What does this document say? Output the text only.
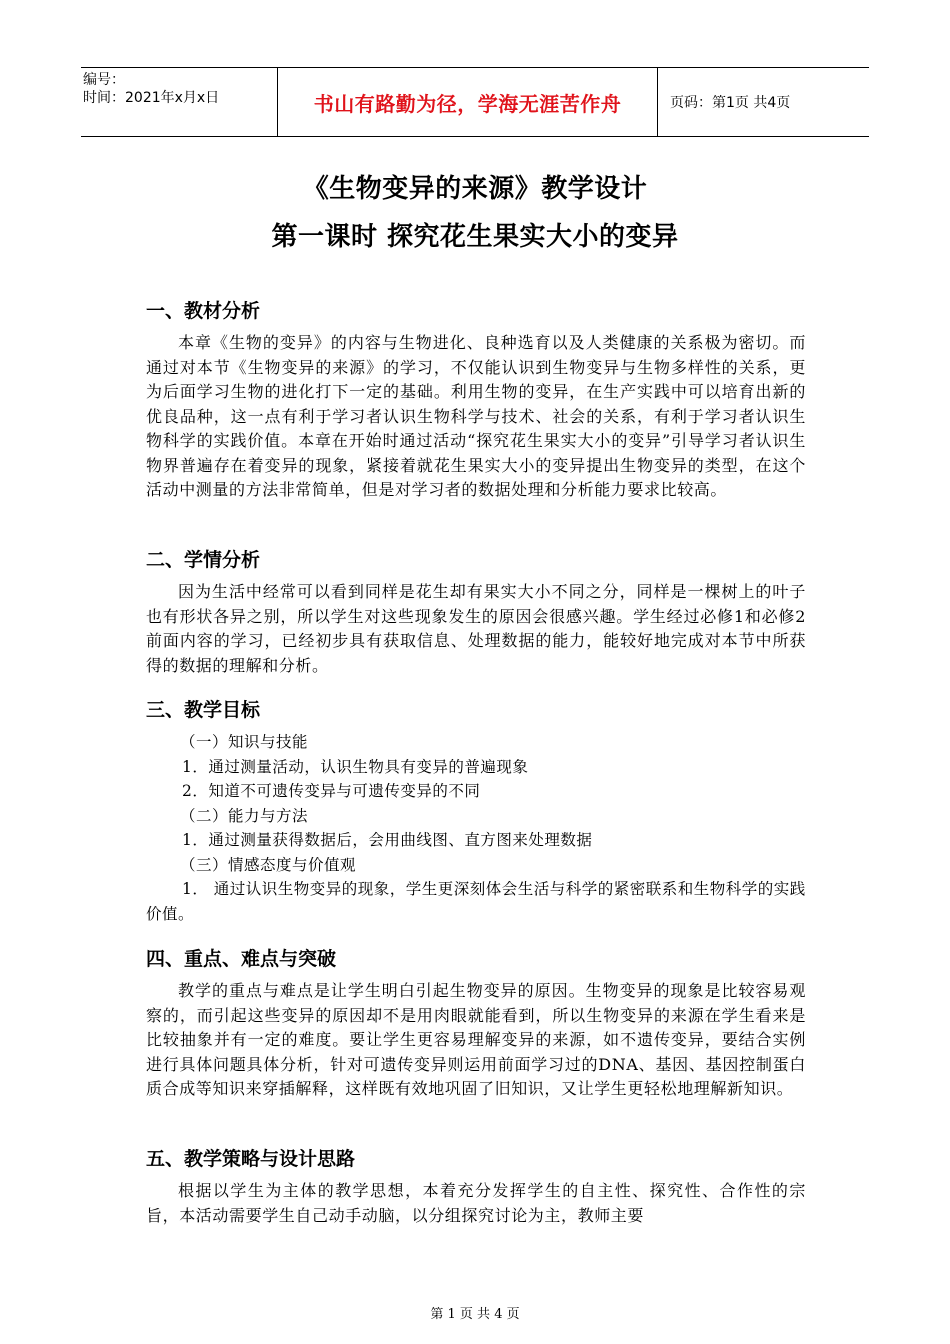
编号：
时间：2021年x月x日	书山有路勤为径，学海无涯苦作舟	页码：第1页 共4页
《生物变异的来源》教学设计
第一课时 探究花生果实大小的变异
一、教材分析

本章《生物的变异》的内容与生物进化、良种选育以及人类健康的关系极为密切。而通过对本节《生物变异的来源》的学习，不仅能认识到生物变异与生物多样性的关系，更为后面学习生物的进化打下一定的基础。利用生物的变异，在生产实践中可以培育出新的优良品种，这一点有利于学习者认识生物科学与技术、社会的关系，有利于学习者认识生物科学的实践价值。本章在开始时通过活动“探究花生果实大小的变异”引导学习者认识生物界普遍存在着变异的现象，紧接着就花生果实大小的变异提出生物变异的类型，在这个活动中测量的方法非常简单，但是对学习者的数据处理和分析能力要求比较高。

二、学情分析

因为生活中经常可以看到同样是花生却有果实大小不同之分，同样是一棵树上的叶子也有形状各异之别，所以学生对这些现象发生的原因会很感兴趣。学生经过必修1和必修2前面内容的学习，已经初步具有获取信息、处理数据的能力，能较好地完成对本节中所获得的数据的理解和分析。

三、教学目标
（一）知识与技能
1．通过测量活动，认识生物具有变异的普遍现象
2．知道不可遗传变异与可遗传变异的不同
（二）能力与方法
1．通过测量获得数据后，会用曲线图、直方图来处理数据
（三）情感态度与价值观
1． 通过认识生物变异的现象，学生更深刻体会生活与科学的紧密联系和生物科学的实践价值。
四、重点、难点与突破

教学的重点与难点是让学生明白引起生物变异的原因。生物变异的现象是比较容易观察的，而引起这些变异的原因却不是用肉眼就能看到，所以生物变异的来源在学生看来是比较抽象并有一定的难度。要让学生更容易理解变异的来源，如不遗传变异，要结合实例进行具体问题具体分析，针对可遗传变异则运用前面学习过的DNA、基因、基因控制蛋白质合成等知识来穿插解释，这样既有效地巩固了旧知识，又让学生更轻松地理解新知识。

五、教学策略与设计思路

根据以学生为主体的教学思想，本着充分发挥学生的自主性、探究性、合作性的宗旨，本活动需要学生自己动手动脑，以分组探究讨论为主，教师主要

第 1 页 共 4 页
